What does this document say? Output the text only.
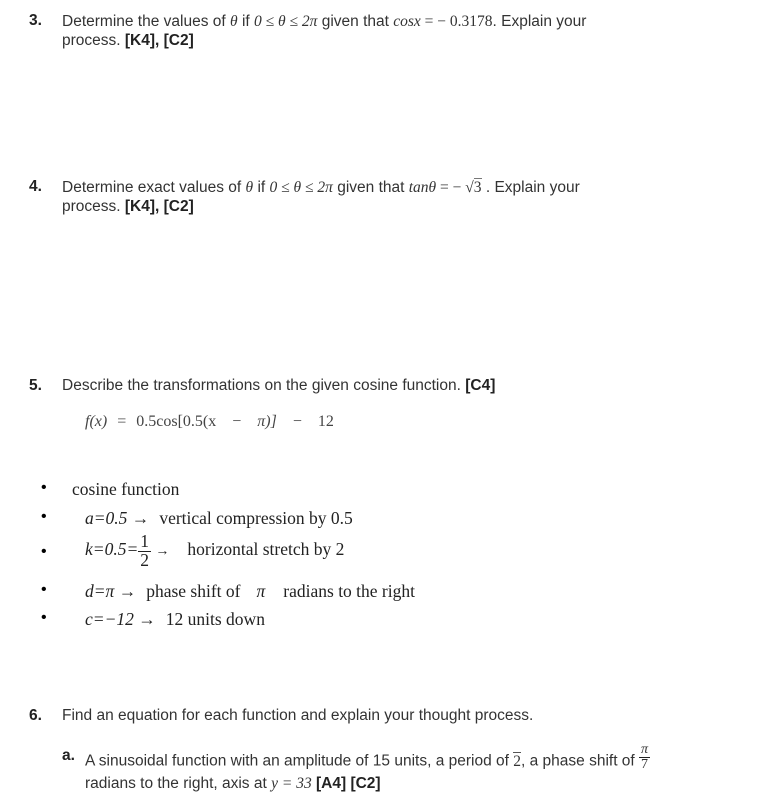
3. Determine the values of θ if 0 ≤ θ ≤ 2π given that cosx = − 0.3178. Explain your
process. [K4], [C2]
4. Determine exact values of θ if 0 ≤ θ ≤ 2π given that tanθ = − √3 . Explain your
process. [K4], [C2]
5. Describe the transformations on the given cosine function. [C4]
f(x) = 0.5cos[0.5(x − π)] − 12
• cosine function
• a=0.5 → vertical compression by 0.5
• $k=0.5= \frac{1}{2}$ → horizontal stretch by 2
• d=π → phase shift of π radians to the right
• c=−12 → 12 units down
6. Find an equation for each function and explain your thought process.
a. A sinusoidal function with an amplitude of 15 units, a period of 2, a phase shift of $\frac{\pi}{7}$

radians to the right, axis at y = 33 [A4] [C2]
